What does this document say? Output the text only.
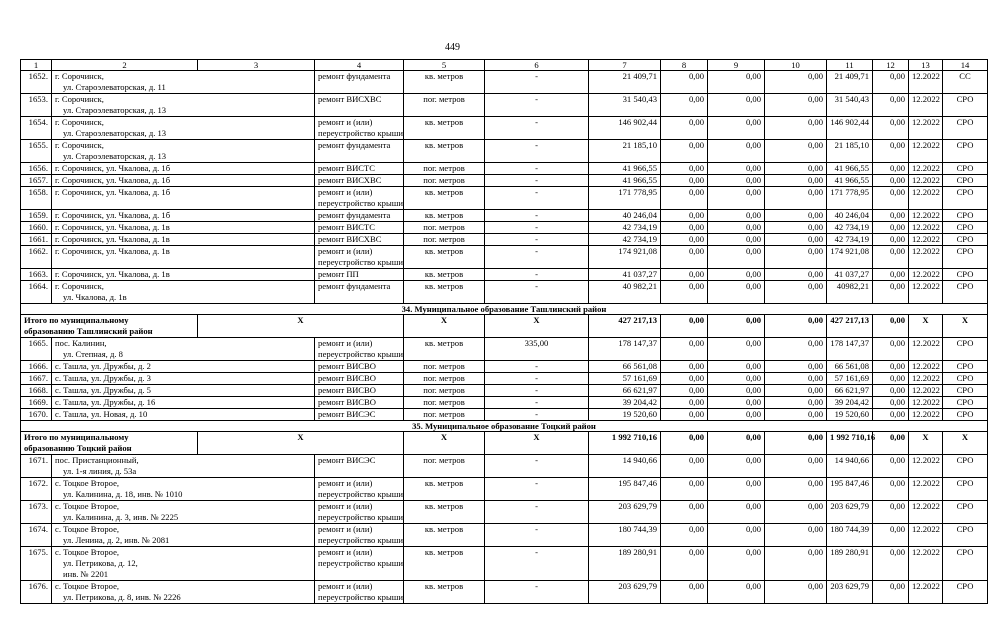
449
1	2	3	4	5	6	7	8	9	10	11	12	13	14
1652.	г. Сорочинск,
ул. Староэлеваторская, д. 11		ремонт фундамента	кв. метров	-	21 409,71	0,00	0,00	0,00	21 409,71	0,00	12.2022	СС
1653.	г. Сорочинск,
ул. Староэлеваторская, д. 13		ремонт ВИСХВС	пог. метров	-	31 540,43	0,00	0,00	0,00	31 540,43	0,00	12.2022	СРО
1654.	г. Сорочинск,
ул. Староэлеваторская, д. 13		ремонт и (или)
переустройство крыши	кв. метров	-	146 902,44	0,00	0,00	0,00	146 902,44	0,00	12.2022	СРО
1655.	г. Сорочинск,
ул. Староэлеваторская, д. 13		ремонт фундамента	кв. метров	-	21 185,10	0,00	0,00	0,00	21 185,10	0,00	12.2022	СРО
1656.	г. Сорочинск, ул. Чкалова, д. 1б		ремонт ВИСТС	пог. метров	-	41 966,55	0,00	0,00	0,00	41 966,55	0,00	12.2022	СРО
1657.	г. Сорочинск, ул. Чкалова, д. 1б		ремонт ВИСХВС	пог. метров	-	41 966,55	0,00	0,00	0,00	41 966,55	0,00	12.2022	СРО
1658.	г. Сорочинск, ул. Чкалова, д. 1б		ремонт и (или)
переустройство крыши	кв. метров	-	171 778,95	0,00	0,00	0,00	171 778,95	0,00	12.2022	СРО
1659.	г. Сорочинск, ул. Чкалова, д. 1б		ремонт фундамента	кв. метров	-	40 246,04	0,00	0,00	0,00	40 246,04	0,00	12.2022	СРО
1660.	г. Сорочинск, ул. Чкалова, д. 1в		ремонт ВИСТС	пог. метров	-	42 734,19	0,00	0,00	0,00	42 734,19	0,00	12.2022	СРО
1661.	г. Сорочинск, ул. Чкалова, д. 1в		ремонт ВИСХВС	пог. метров	-	42 734,19	0,00	0,00	0,00	42 734,19	0,00	12.2022	СРО
1662.	г. Сорочинск, ул. Чкалова, д. 1в		ремонт и (или)
переустройство крыши	кв. метров	-	174 921,08	0,00	0,00	0,00	174 921,08	0,00	12.2022	СРО
1663.	г. Сорочинск, ул. Чкалова, д. 1в		ремонт ПП	кв. метров	-	41 037,27	0,00	0,00	0,00	41 037,27	0,00	12.2022	СРО
1664.	г. Сорочинск,
ул. Чкалова, д. 1в		ремонт фундамента	кв. метров	-	40 982,21	0,00	0,00	0,00	40982,21	0,00	12.2022	СРО
34. Муниципальное образование Ташлинский район													

Итого по муниципальному
образованию Ташлинский район		X		X	X	427 217,13	0,00	0,00	0,00	427 217,13	0,00	X	X
1665.	пос. Калинин,
ул. Степная, д. 8		ремонт и (или)
переустройство крыши	кв. метров	335,00	178 147,37	0,00	0,00	0,00	178 147,37	0,00	12.2022	СРО
1666.	с. Ташла, ул. Дружбы, д. 2		ремонт ВИСВО	пог. метров	-	66 561,08	0,00	0,00	0,00	66 561,08	0,00	12.2022	СРО
1667.	с. Ташла, ул. Дружбы, д. 3		ремонт ВИСВО	пог. метров	-	57 161,69	0,00	0,00	0,00	57 161,69	0,00	12.2022	СРО
1668.	с. Ташла, ул. Дружбы, д. 5		ремонт ВИСВО	пог. метров	-	66 621,97	0,00	0,00	0,00	66 621,97	0,00	12.2022	СРО
1669.	с. Ташла, ул. Дружбы, д. 16		ремонт ВИСВО	пог. метров	-	39 204,42	0,00	0,00	0,00	39 204,42	0,00	12.2022	СРО
1670.	с. Ташла, ул. Новая, д. 10		ремонт ВИСЭС	пог. метров	-	19 520,60	0,00	0,00	0,00	19 520,60	0,00	12.2022	СРО
35. Муниципальное образование Тоцкий район													

Итого по муниципальному
образованию Тоцкий район		X		X	X	1 992 710,16	0,00	0,00	0,00	1 992 710,16	0,00	X	X
1671.	пос. Пристанционный,
ул. 1-я линия, д. 53а		ремонт ВИСЭС	пог. метров	-	14 940,66	0,00	0,00	0,00	14 940,66	0,00	12.2022	СРО
1672.	с. Тоцкое Второе,
ул. Калинина, д. 18, инв. № 1010		ремонт и (или)
переустройство крыши	кв. метров	-	195 847,46	0,00	0,00	0,00	195 847,46	0,00	12.2022	СРО
1673.	с. Тоцкое Второе,
ул. Калинина, д. 3, инв. № 2225		ремонт и (или)
переустройство крыши	кв. метров	-	203 629,79	0,00	0,00	0,00	203 629,79	0,00	12.2022	СРО
1674.	с. Тоцкое Второе,
ул. Ленина, д. 2, инв. № 2081		ремонт и (или)
переустройство крыши	кв. метров	-	180 744,39	0,00	0,00	0,00	180 744,39	0,00	12.2022	СРО
1675.	с. Тоцкое Второе,
ул. Петрикова, д. 12,
инв. № 2201		ремонт и (или)
переустройство крыши	кв. метров	-	189 280,91	0,00	0,00	0,00	189 280,91	0,00	12.2022	СРО
1676.	с. Тоцкое Второе,
ул. Петрикова, д. 8, инв. № 2226		ремонт и (или)
переустройство крыши	кв. метров	-	203 629,79	0,00	0,00	0,00	203 629,79	0,00	12.2022	СРО
